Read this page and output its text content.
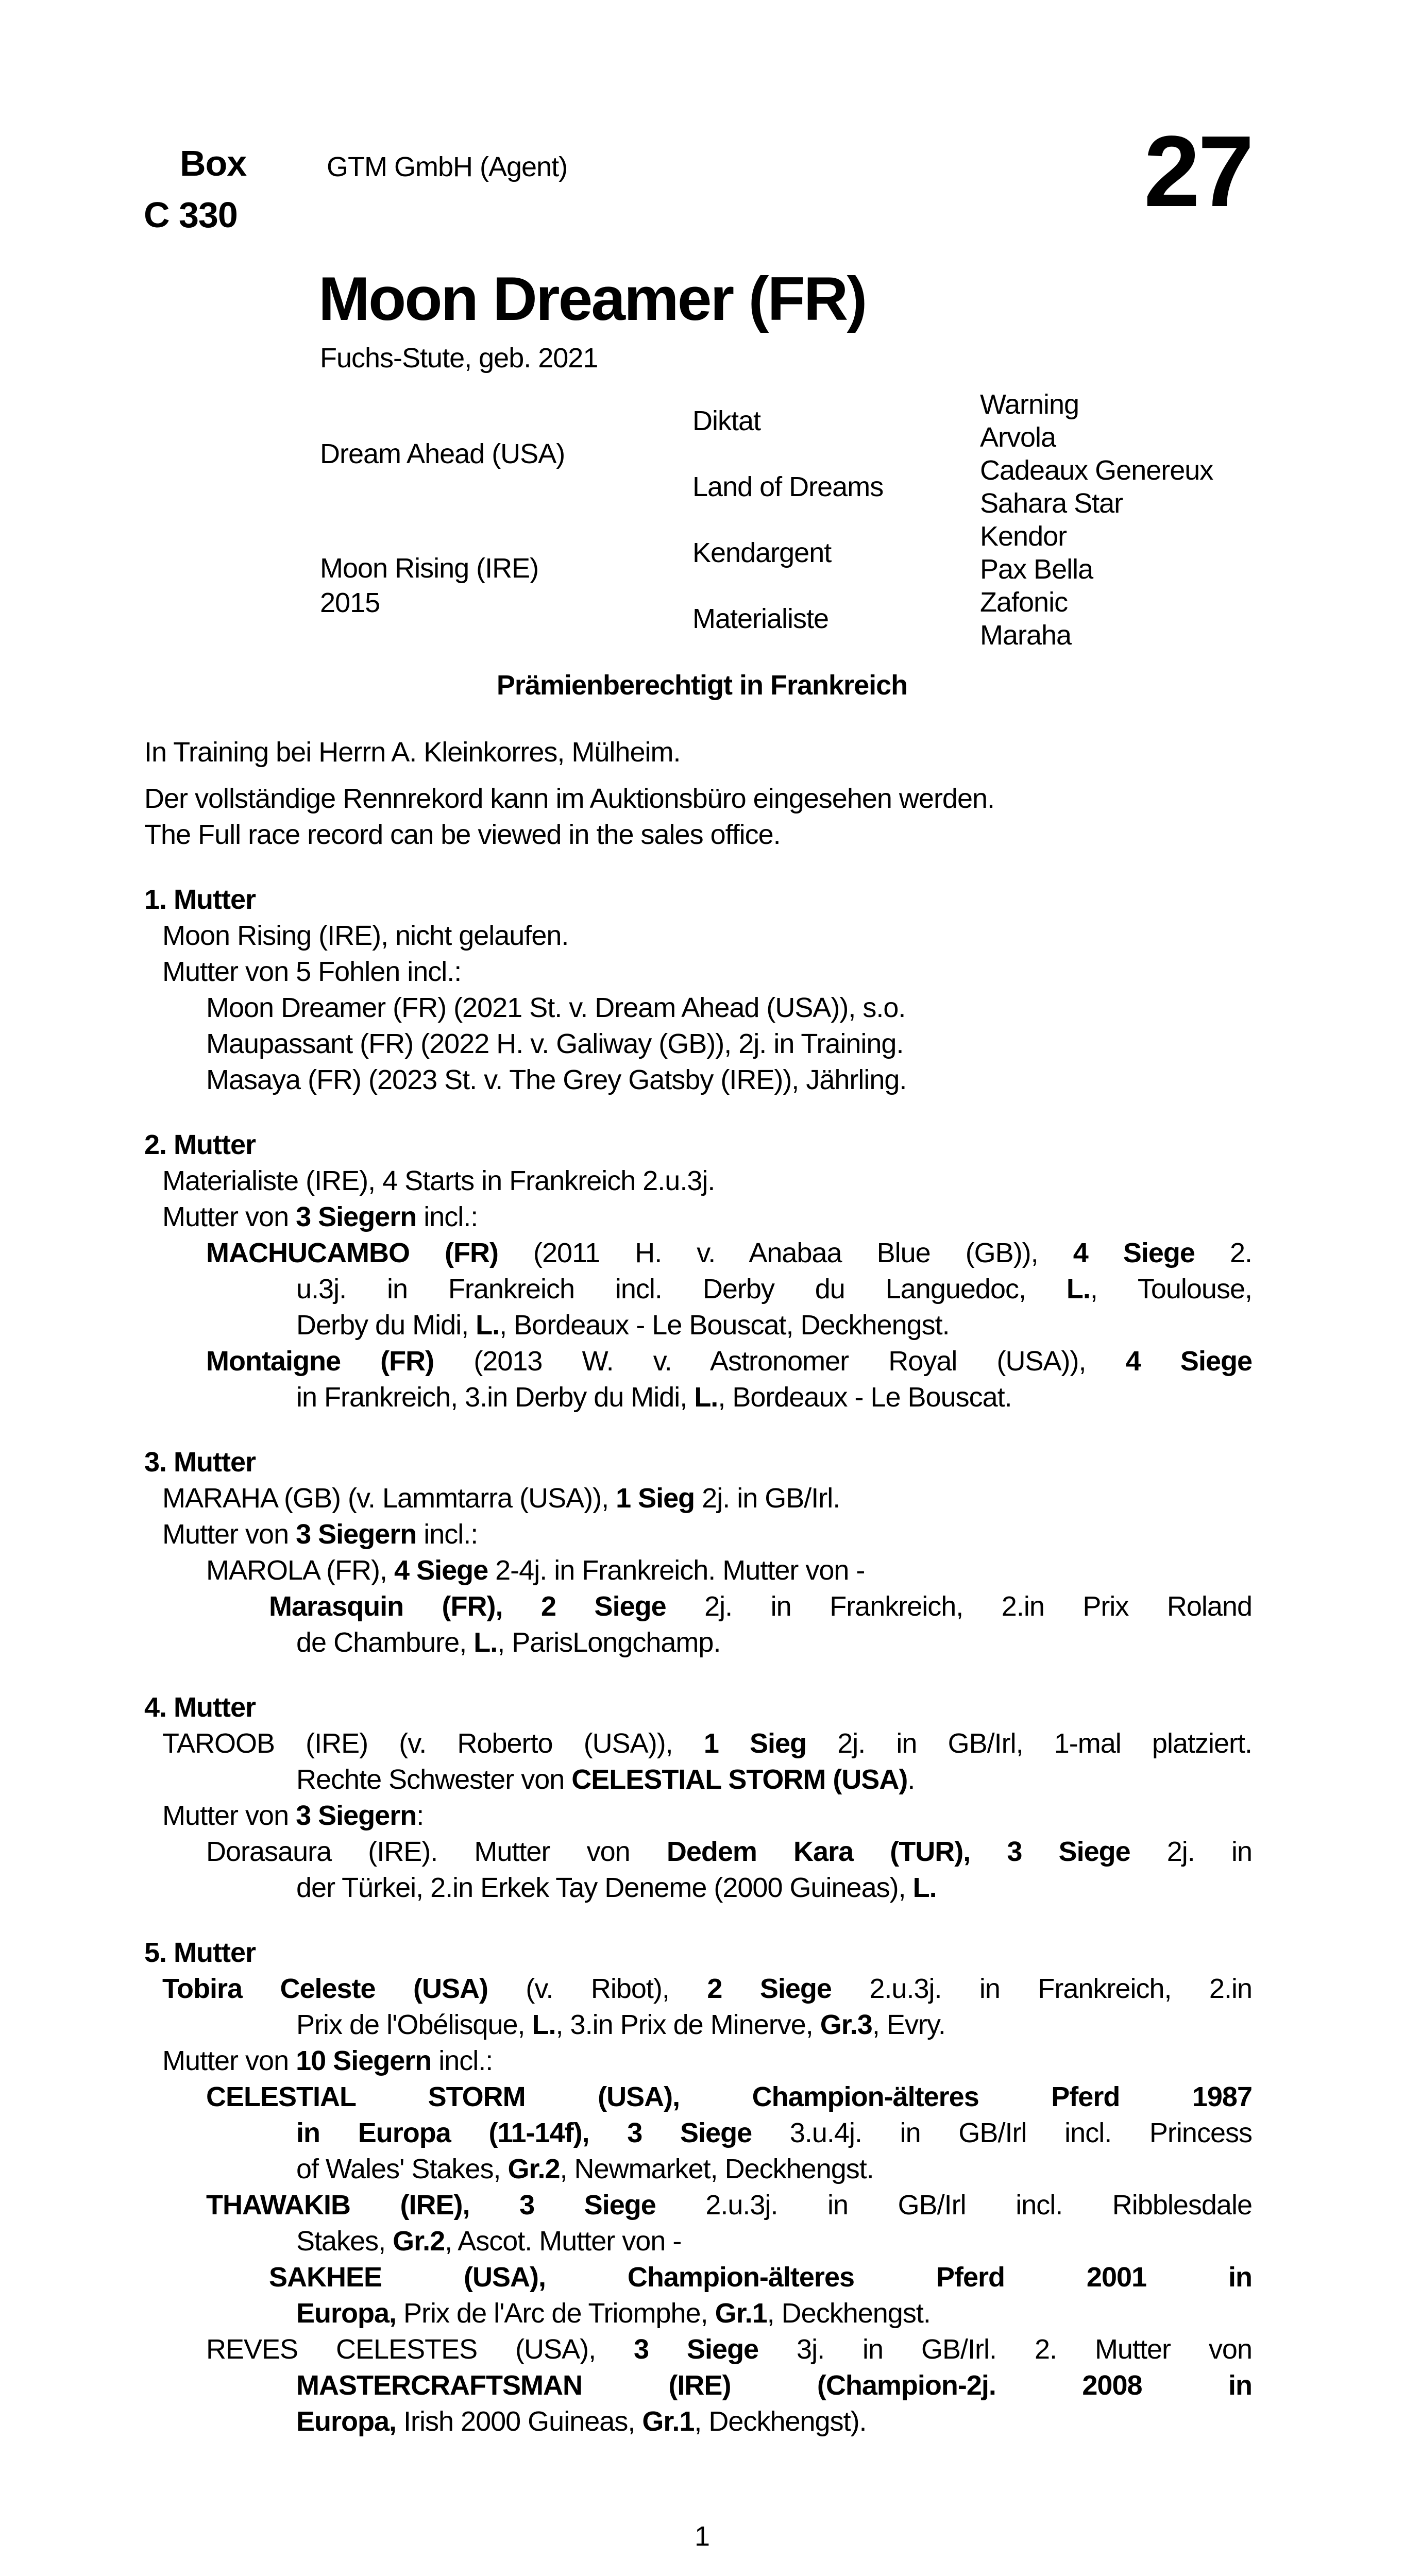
Box	GTM GmbH (Agent)	27
C 330
Moon Dreamer (FR)
Fuchs-Stute, geb. 2021
Dream Ahead (USA)
Moon Rising (IRE)
2015
Diktat
Land of Dreams
Kendargent
Materialiste
Warning
Arvola
Cadeaux Genereux
Sahara Star
Kendor
Pax Bella
Zafonic
Maraha
Prämienberechtigt in Frankreich
In Training bei Herrn A. Kleinkorres, Mülheim.
Der vollständige Rennrekord kann im Auktionsbüro eingesehen werden.
The Full race record can be viewed in the sales office.
1. Mutter
Moon Rising (IRE), nicht gelaufen.
Mutter von 5 Fohlen incl.:
Moon Dreamer (FR) (2021 St. v. Dream Ahead (USA)), s.o.
Maupassant (FR) (2022 H. v. Galiway (GB)), 2j. in Training.
Masaya (FR) (2023 St. v. The Grey Gatsby (IRE)), Jährling.
2. Mutter
Materialiste (IRE), 4 Starts in Frankreich 2.u.3j.
Mutter von 3 Siegern incl.:
MACHUCAMBO (FR) (2011 H. v. Anabaa Blue (GB)), 4 Siege 2.
u.3j. in Frankreich incl. Derby du Languedoc, L., Toulouse,
Derby du Midi, L., Bordeaux - Le Bouscat, Deckhengst.
Montaigne (FR) (2013 W. v. Astronomer Royal (USA)), 4 Siege
in Frankreich, 3.in Derby du Midi, L., Bordeaux - Le Bouscat.
3. Mutter
MARAHA (GB) (v. Lammtarra (USA)), 1 Sieg 2j. in GB/Irl.
Mutter von 3 Siegern incl.:
MAROLA (FR), 4 Siege 2-4j. in Frankreich. Mutter von -
Marasquin (FR), 2 Siege 2j. in Frankreich, 2.in Prix Roland
de Chambure, L., ParisLongchamp.
4. Mutter
TAROOB (IRE) (v. Roberto (USA)), 1 Sieg 2j. in GB/Irl, 1-mal platziert.
Rechte Schwester von CELESTIAL STORM (USA).
Mutter von 3 Siegern:
Dorasaura (IRE). Mutter von Dedem Kara (TUR), 3 Siege 2j. in
der Türkei, 2.in Erkek Tay Deneme (2000 Guineas), L.
5. Mutter
Tobira Celeste (USA) (v. Ribot), 2 Siege 2.u.3j. in Frankreich, 2.in
Prix de l'Obélisque, L., 3.in Prix de Minerve, Gr.3, Evry.
Mutter von 10 Siegern incl.:
CELESTIAL STORM (USA), Champion-älteres Pferd 1987
in Europa (11-14f), 3 Siege 3.u.4j. in GB/Irl incl. Princess
of Wales' Stakes, Gr.2, Newmarket, Deckhengst.
THAWAKIB (IRE), 3 Siege 2.u.3j. in GB/Irl incl. Ribblesdale
Stakes, Gr.2, Ascot. Mutter von -
SAKHEE (USA), Champion-älteres Pferd 2001 in
Europa, Prix de l'Arc de Triomphe, Gr.1, Deckhengst.
REVES CELESTES (USA), 3 Siege 3j. in GB/Irl. 2. Mutter von
MASTERCRAFTSMAN (IRE) (Champion-2j. 2008 in
Europa, Irish 2000 Guineas, Gr.1, Deckhengst).
1
